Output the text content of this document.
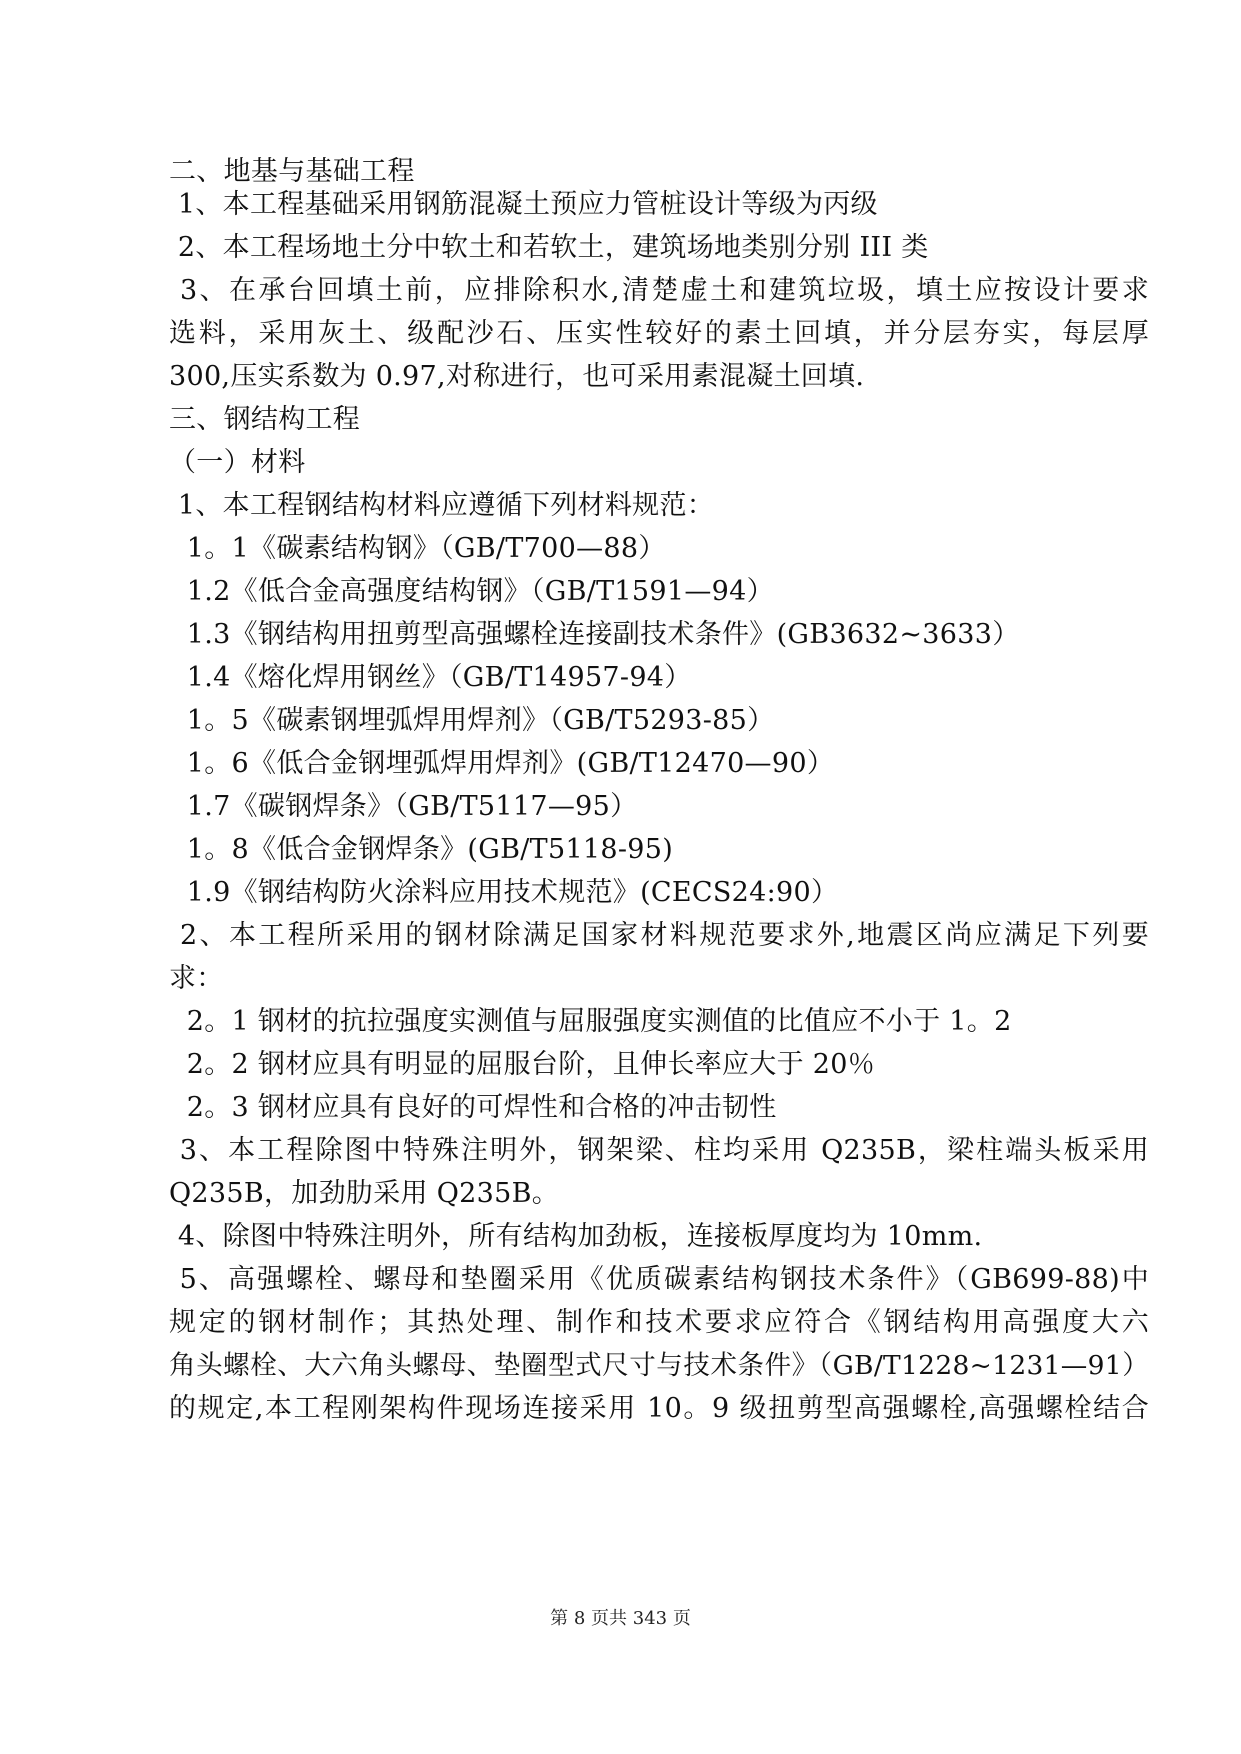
二、地基与基础工程
1、本工程基础采用钢筋混凝土预应力管桩设计等级为丙级
2、本工程场地土分中软土和若软土，建筑场地类别分别 III 类
3、在承台回填土前，应排除积水,清楚虚土和建筑垃圾，填土应按设计要求
选料，采用灰土、级配沙石、压实性较好的素土回填，并分层夯实，每层厚
300,压实系数为 0.97,对称进行，也可采用素混凝土回填.
三、钢结构工程
（一）材料
1、本工程钢结构材料应遵循下列材料规范：
1。1《碳素结构钢》（GB/T700—88）
1.2《低合金高强度结构钢》（GB/T1591—94）
1.3《钢结构用扭剪型高强螺栓连接副技术条件》(GB3632~3633）
1.4《熔化焊用钢丝》（GB/T14957-94）
1。5《碳素钢埋弧焊用焊剂》（GB/T5293-85）
1。6《低合金钢埋弧焊用焊剂》(GB/T12470—90）
1.7《碳钢焊条》（GB/T5117—95）
1。8《低合金钢焊条》(GB/T5118-95)
1.9《钢结构防火涂料应用技术规范》(CECS24:90）
2、本工程所采用的钢材除满足国家材料规范要求外,地震区尚应满足下列要
求：
2。1 钢材的抗拉强度实测值与屈服强度实测值的比值应不小于 1。2
2。2 钢材应具有明显的屈服台阶，且伸长率应大于 20％
2。3 钢材应具有良好的可焊性和合格的冲击韧性
3、本工程除图中特殊注明外，钢架梁、柱均采用 Q235B，梁柱端头板采用
Q235B，加劲肋采用 Q235B。
4、除图中特殊注明外，所有结构加劲板，连接板厚度均为 10mm.
5、高强螺栓、螺母和垫圈采用《优质碳素结构钢技术条件》（GB699-88)中
规定的钢材制作；其热处理、制作和技术要求应符合《钢结构用高强度大六
角头螺栓、大六角头螺母、垫圈型式尺寸与技术条件》（GB/T1228~1231—91）
的规定,本工程刚架构件现场连接采用 10。9 级扭剪型高强螺栓,高强螺栓结合
第 8 页共 343 页
